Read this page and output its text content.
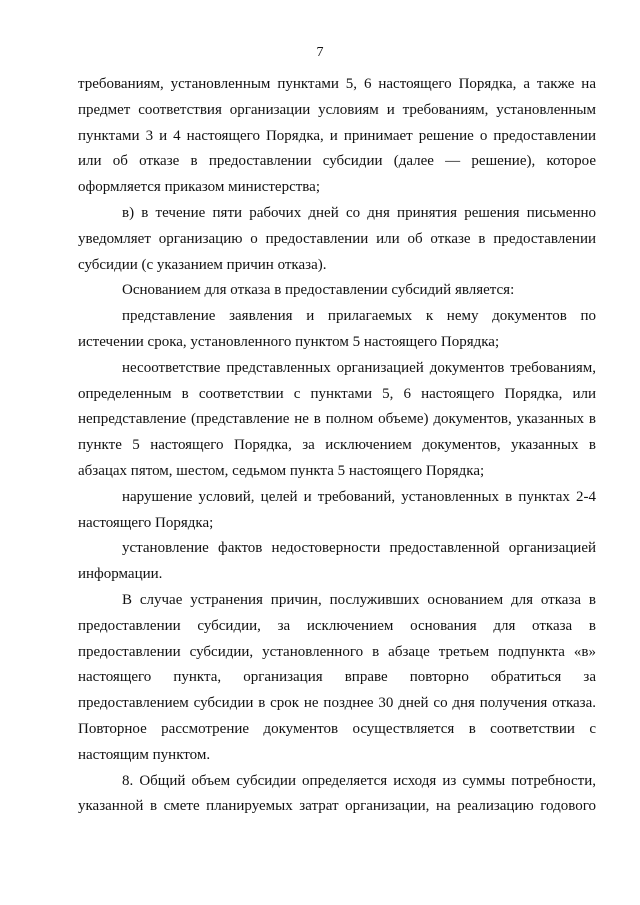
7
требованиям, установленным пунктами 5, 6 настоящего Порядка, а также на
предмет соответствия организации условиям и требованиям, установленным
пунктами 3 и 4 настоящего Порядка, и принимает решение о предоставлении
или об отказе в предоставлении субсидии (далее — решение), которое
оформляется приказом министерства;
в) в течение пяти рабочих дней со дня принятия решения письменно
уведомляет организацию о предоставлении или об отказе в предоставлении
субсидии (с указанием причин отказа).
Основанием для отказа в предоставлении субсидий является:
представление заявления и прилагаемых к нему документов по
истечении срока, установленного пунктом 5 настоящего Порядка;
несоответствие представленных организацией документов требованиям,
определенным в соответствии с пунктами 5, 6 настоящего Порядка, или
непредставление (представление не в полном объеме) документов, указанных в
пункте 5 настоящего Порядка, за исключением документов, указанных в
абзацах пятом, шестом, седьмом пункта 5 настоящего Порядка;
нарушение условий, целей и требований, установленных в пунктах 2-4
настоящего Порядка;
установление фактов недостоверности предоставленной организацией
информации.
В случае устранения причин, послуживших основанием для отказа в
предоставлении субсидии, за исключением основания для отказа в
предоставлении субсидии, установленного в абзаце третьем подпункта «в»
настоящего пункта, организация вправе повторно обратиться за
предоставлением субсидии в срок не позднее 30 дней со дня получения отказа.
Повторное рассмотрение документов осуществляется в соответствии с
настоящим пунктом.
8. Общий объем субсидии определяется исходя из суммы потребности,
указанной в смете планируемых затрат организации, на реализацию годового
